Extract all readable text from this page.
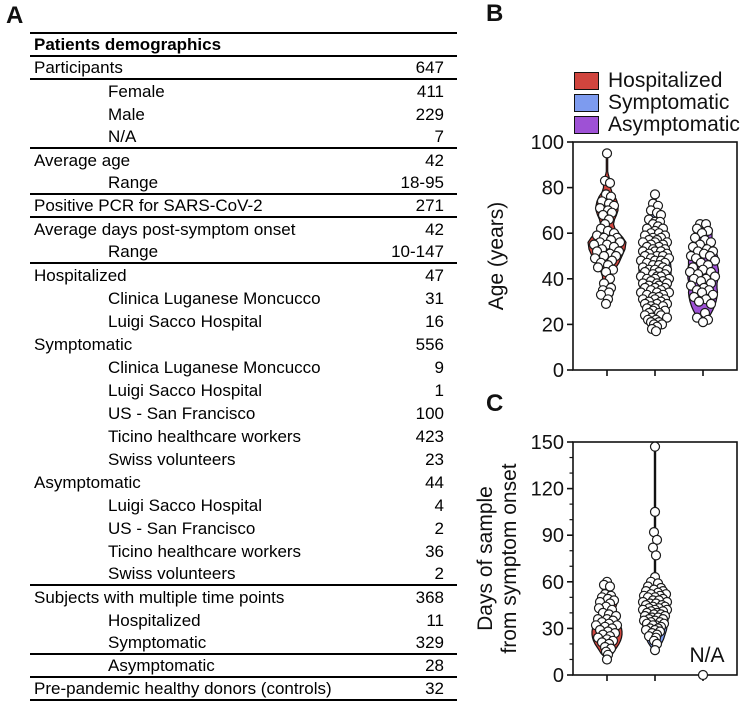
A
Patients demographics
Participants	647
Female	411
Male	229
N/A	7
Average age	42
Range	18-95
Positive PCR for SARS-CoV-2	271
Average days post-symptom onset	42
Range	10-147
Hospitalized	47
Clinica Luganese Moncucco	31
Luigi Sacco Hospital	16
Symptomatic	556
Clinica Luganese Moncucco	9
Luigi Sacco Hospital	1
US - San Francisco	100
Ticino healthcare workers	423
Swiss volunteers	23
Asymptomatic	44
Luigi Sacco Hospital	4
US - San Francisco	2
Ticino healthcare workers	36
Swiss volunteers	2
Subjects with multiple time points	368
Hospitalized	11
Symptomatic	329
Asymptomatic	28
Pre-pandemic healthy donors (controls)	32
B
Hospitalized
Symptomatic
Asymptomatic
0
20
40
60
80
100
Age (years)
C
0
30
60
90
120
150
Days of sample from symptom onset
N/A
